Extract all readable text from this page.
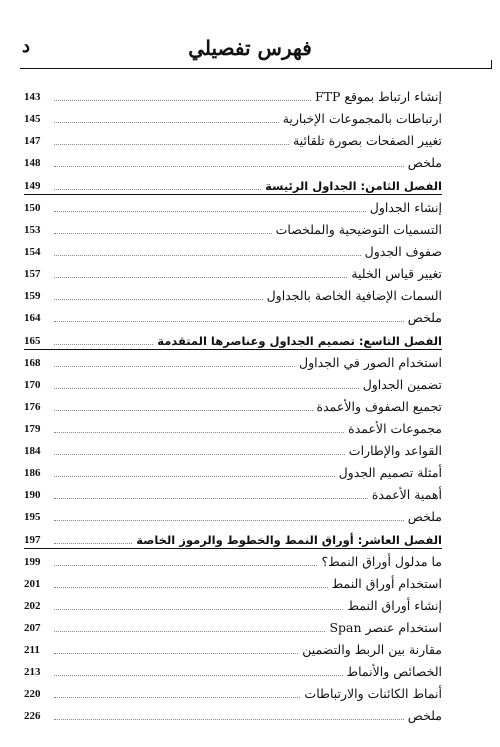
د	فهرس تفصيلي
143	إنشاء ارتباط بموقع FTP
145	ارتباطات بالمجموعات الإخبارية
147	تغيير الصفحات بصورة تلقائية
148	ملخص
149	الفصل الثامن: الجداول الرئيسة
150	إنشاء الجداول
153	التسميات التوضيحية والملخصات
154	صفوف الجدول
157	تغيير قياس الخلية
159	السمات الإضافية الخاصة بالجداول
164	ملخص
165	الفصل التاسع: تصميم الجداول وعناصرها المتقدمة
168	استخدام الصور في الجداول
170	تضمين الجداول
176	تجميع الصفوف والأعمدة
179	مجموعات الأعمدة
184	القواعد والإطارات
186	أمثلة تصميم الجدول
190	أهمية الأعمدة
195	ملخص
197	الفصل العاشر: أوراق النمط والخطوط والرموز الخاصة
199	ما مدلول أوراق النمط؟
201	استخدام أوراق النمط
202	إنشاء أوراق النمط
207	استخدام عنصر Span
211	مقارنة بين الربط والتضمين
213	الخصائص والأنماط
220	أنماط الكائنات والارتباطات
226	ملخص
